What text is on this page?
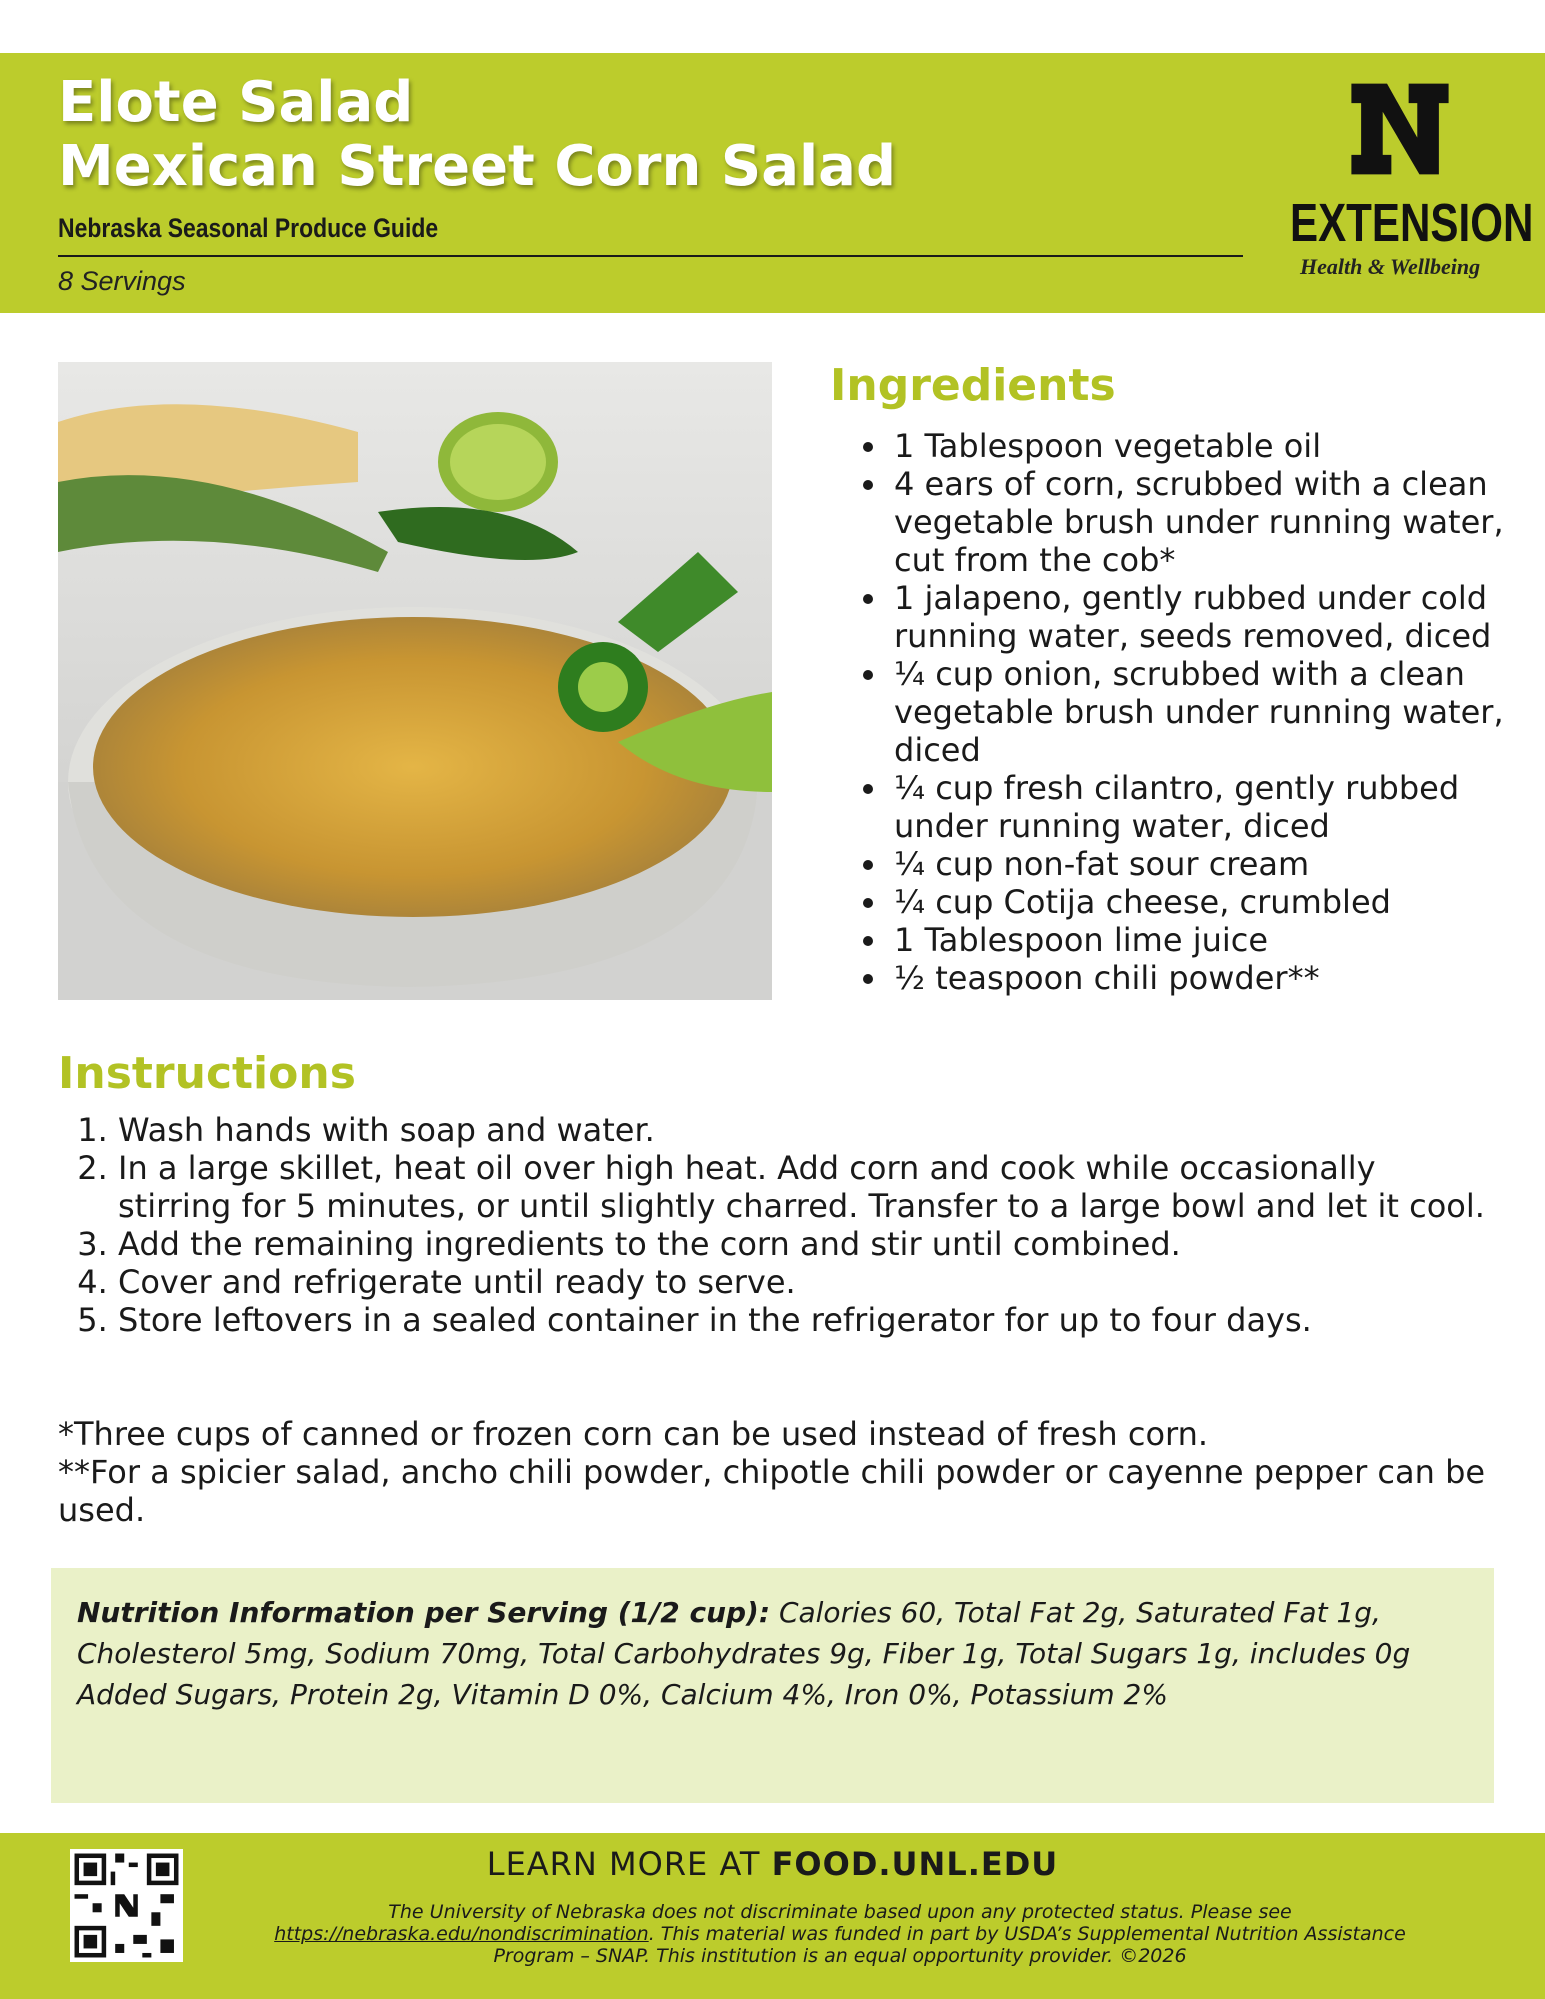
Elote Salad
Mexican Street Corn Salad
Nebraska Seasonal Produce Guide
8 Servings
EXTENSION
Health & Wellbeing
Ingredients
• 1 Tablespoon vegetable oil
• 4 ears of corn, scrubbed with a clean vegetable brush under running water, cut from the cob*
• 1 jalapeno, gently rubbed under cold running water, seeds removed, diced
• ¼ cup onion, scrubbed with a clean vegetable brush under running water, diced
• ¼ cup fresh cilantro, gently rubbed under running water, diced
• ¼ cup non-fat sour cream
• ¼ cup Cotija cheese, crumbled
• 1 Tablespoon lime juice
• ½ teaspoon chili powder**
Instructions
1. Wash hands with soap and water.
2. In a large skillet, heat oil over high heat. Add corn and cook while occasionally stirring for 5 minutes, or until slightly charred. Transfer to a large bowl and let it cool.
3. Add the remaining ingredients to the corn and stir until combined.
4. Cover and refrigerate until ready to serve.
5. Store leftovers in a sealed container in the refrigerator for up to four days.

*Three cups of canned or frozen corn can be used instead of fresh corn.

**For a spicier salad, ancho chili powder, chipotle chili powder or cayenne pepper can be used.

Nutrition Information per Serving (1/2 cup): Calories 60, Total Fat 2g, Saturated Fat 1g, Cholesterol 5mg, Sodium 70mg, Total Carbohydrates 9g, Fiber 1g, Total Sugars 1g, includes 0g Added Sugars, Protein 2g, Vitamin D 0%, Calcium 4%, Iron 0%, Potassium 2%
LEARN MORE AT FOOD.UNL.EDU
The University of Nebraska does not discriminate based upon any protected status. Please see https://nebraska.edu/nondiscrimination. This material was funded in part by USDA’s Supplemental Nutrition Assistance Program – SNAP. This institution is an equal opportunity provider. ©2026
